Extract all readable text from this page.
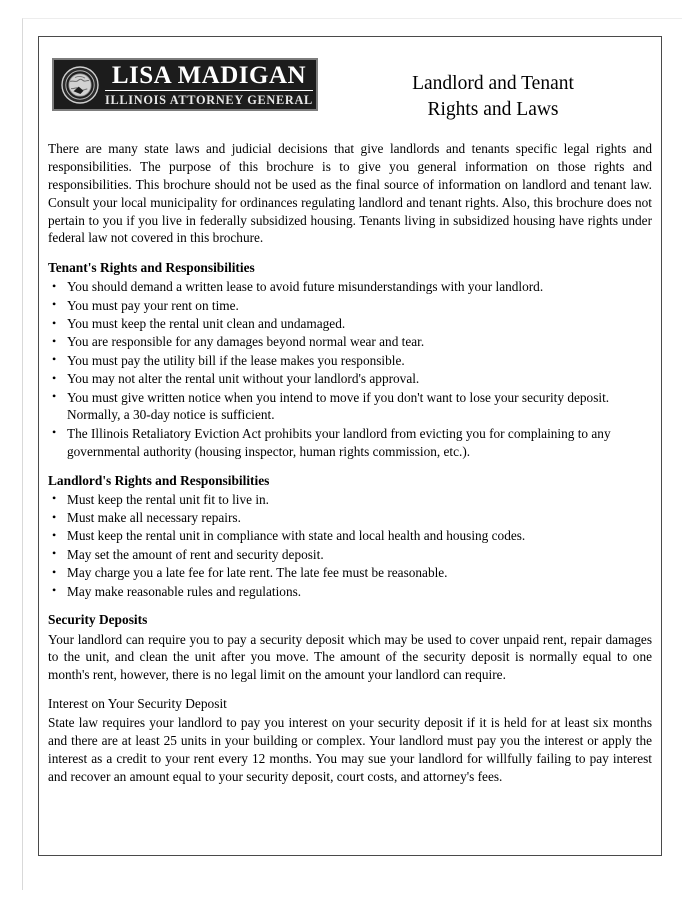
LISA MADIGAN
ILLINOIS ATTORNEY GENERAL
Landlord and Tenant
Rights and Laws

There are many state laws and judicial decisions that give landlords and tenants specific legal rights and responsibilities. The purpose of this brochure is to give you general information on those rights and responsibilities. This brochure should not be used as the final source of information on landlord and tenant law. Consult your local municipality for ordinances regulating landlord and tenant rights. Also, this brochure does not pertain to you if you live in federally subsidized housing. Tenants living in subsidized housing have rights under federal law not covered in this brochure.

Tenant's Rights and Responsibilities
• You should demand a written lease to avoid future misunderstandings with your landlord.
• You must pay your rent on time.
• You must keep the rental unit clean and undamaged.
• You are responsible for any damages beyond normal wear and tear.
• You must pay the utility bill if the lease makes you responsible.
• You may not alter the rental unit without your landlord's approval.
• You must give written notice when you intend to move if you don't want to lose your security deposit. Normally, a 30-day notice is sufficient.
• The Illinois Retaliatory Eviction Act prohibits your landlord from evicting you for complaining to any governmental authority (housing inspector, human rights commission, etc.).
Landlord's Rights and Responsibilities
• Must keep the rental unit fit to live in.
• Must make all necessary repairs.
• Must keep the rental unit in compliance with state and local health and housing codes.
• May set the amount of rent and security deposit.
• May charge you a late fee for late rent. The late fee must be reasonable.
• May make reasonable rules and regulations.
Security Deposits

Your landlord can require you to pay a security deposit which may be used to cover unpaid rent, repair damages to the unit, and clean the unit after you move. The amount of the security deposit is normally equal to one month's rent, however, there is no legal limit on the amount your landlord can require.

Interest on Your Security Deposit

State law requires your landlord to pay you interest on your security deposit if it is held for at least six months and there are at least 25 units in your building or complex. Your landlord must pay you the interest or apply the interest as a credit to your rent every 12 months. You may sue your landlord for willfully failing to pay interest and recover an amount equal to your security deposit, court costs, and attorney's fees.
